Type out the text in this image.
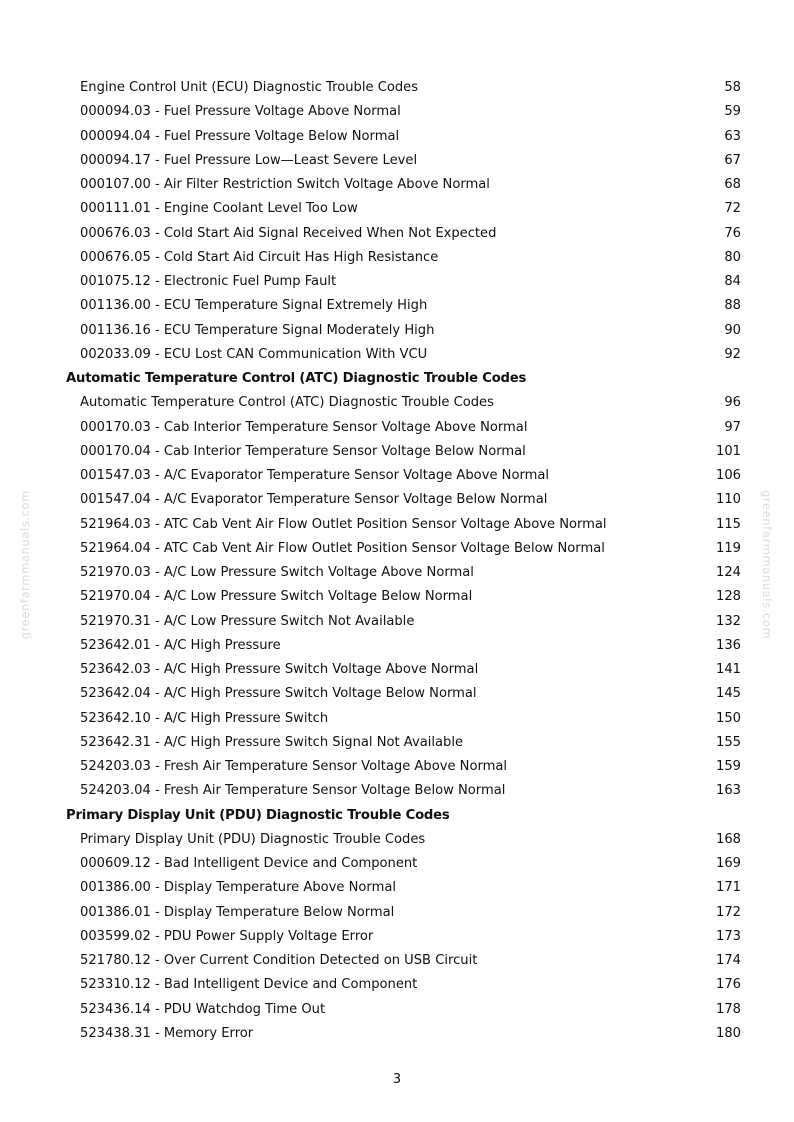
Engine Control Unit (ECU) Diagnostic Trouble Codes	58
000094.03 - Fuel Pressure Voltage Above Normal	59
000094.04 - Fuel Pressure Voltage Below Normal	63
000094.17 - Fuel Pressure Low—Least Severe Level	67
000107.00 - Air Filter Restriction Switch Voltage Above Normal	68
000111.01 - Engine Coolant Level Too Low	72
000676.03 - Cold Start Aid Signal Received When Not Expected	76
000676.05 - Cold Start Aid Circuit Has High Resistance	80
001075.12 - Electronic Fuel Pump Fault	84
001136.00 - ECU Temperature Signal Extremely High	88
001136.16 - ECU Temperature Signal Moderately High	90
002033.09 - ECU Lost CAN Communication With VCU	92
Automatic Temperature Control (ATC) Diagnostic Trouble Codes
Automatic Temperature Control (ATC) Diagnostic Trouble Codes	96
000170.03 - Cab Interior Temperature Sensor Voltage Above Normal	97
000170.04 - Cab Interior Temperature Sensor Voltage Below Normal	101
001547.03 - A/C Evaporator Temperature Sensor Voltage Above Normal	106
001547.04 - A/C Evaporator Temperature Sensor Voltage Below Normal	110
521964.03 - ATC Cab Vent Air Flow Outlet Position Sensor Voltage Above Normal	115
521964.04 - ATC Cab Vent Air Flow Outlet Position Sensor Voltage Below Normal	119
521970.03 - A/C Low Pressure Switch Voltage Above Normal	124
521970.04 - A/C Low Pressure Switch Voltage Below Normal	128
521970.31 - A/C Low Pressure Switch Not Available	132
523642.01 - A/C High Pressure	136
523642.03 - A/C High Pressure Switch Voltage Above Normal	141
523642.04 - A/C High Pressure Switch Voltage Below Normal	145
523642.10 - A/C High Pressure Switch	150
523642.31 - A/C High Pressure Switch Signal Not Available	155
524203.03 - Fresh Air Temperature Sensor Voltage Above Normal	159
524203.04 - Fresh Air Temperature Sensor Voltage Below Normal	163
Primary Display Unit (PDU) Diagnostic Trouble Codes
Primary Display Unit (PDU) Diagnostic Trouble Codes	168
000609.12 - Bad Intelligent Device and Component	169
001386.00 - Display Temperature Above Normal	171
001386.01 - Display Temperature Below Normal	172
003599.02 - PDU Power Supply Voltage Error	173
521780.12 - Over Current Condition Detected on USB Circuit	174
523310.12 - Bad Intelligent Device and Component	176
523436.14 - PDU Watchdog Time Out	178
523438.31 - Memory Error	180
greenfarmmanuals.com	greenfarmmanuals.com
3
